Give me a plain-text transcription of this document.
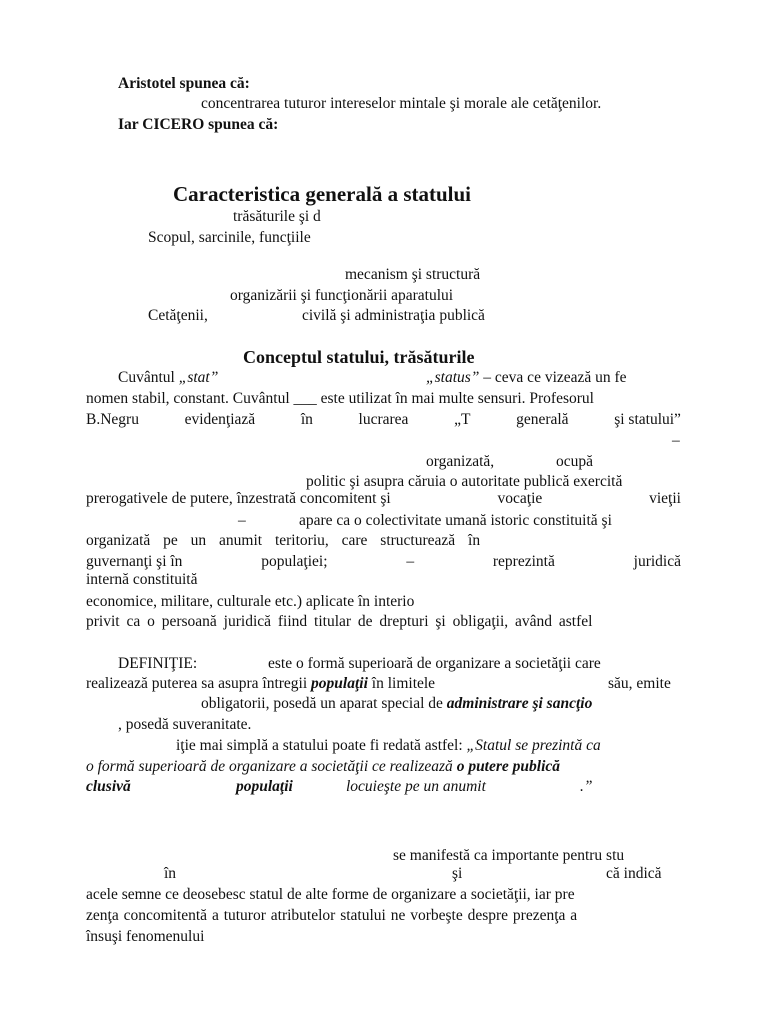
Aristotel spunea că:
concentrarea tuturor intereselor mintale şi morale ale cetăţenilor.
Iar CICERO spunea că:
Caracteristica generală a statului
trăsăturile şi d
Scopul, sarcinile, funcţiile
mecanism şi structură
organizării şi funcţionării aparatului
Cetăţenii,	civilă şi administraţia publică
Conceptul statului, trăsăturile
Cuvântul „stat”	„status” – ceva ce vizează un fe
nomen stabil, constant. Cuvântul ___ este utilizat în mai multe sensuri. Profesorul
B.Negru	evidenţiază	în	lucrarea	„T	generală	şi statului”
–
organizată,	ocupă
politic şi asupra căruia o autoritate publică exercită
prerogativele de putere, înzestrată concomitent şi	vocaţie	vieţii
–	apare ca o colectivitate umană istoric constituită şi
organizată pe un anumit teritoriu, care structurează în
guvernanţi şi în	populaţiei;	–	reprezintă	juridică
internă constituită
economice, militare, culturale etc.) aplicate în interio
privit ca o persoană juridică fiind titular de drepturi şi obligaţii, având astfel
DEFINIŢIE:	este o formă superioară de organizare a societăţii care
realizează puterea sa asupra întregii populaţii în limitele	său, emite
obligatorii, posedă un aparat special de administrare şi sancţio
, posedă suveranitate.
iţie mai simplă a statului poate fi redată astfel: „Statul se prezintă ca
o formă superioară de organizare a societăţii ce realizează o putere publică
clusivă	populaţii	locuieşte pe un anumit	.”
se manifestă ca importante pentru stu
în	şi	că indică
acele semne ce deosebesc statul de alte forme de organizare a societăţii, iar pre
zenţa concomitentă a tuturor atributelor statului ne vorbeşte despre prezenţa a
însuşi fenomenului
